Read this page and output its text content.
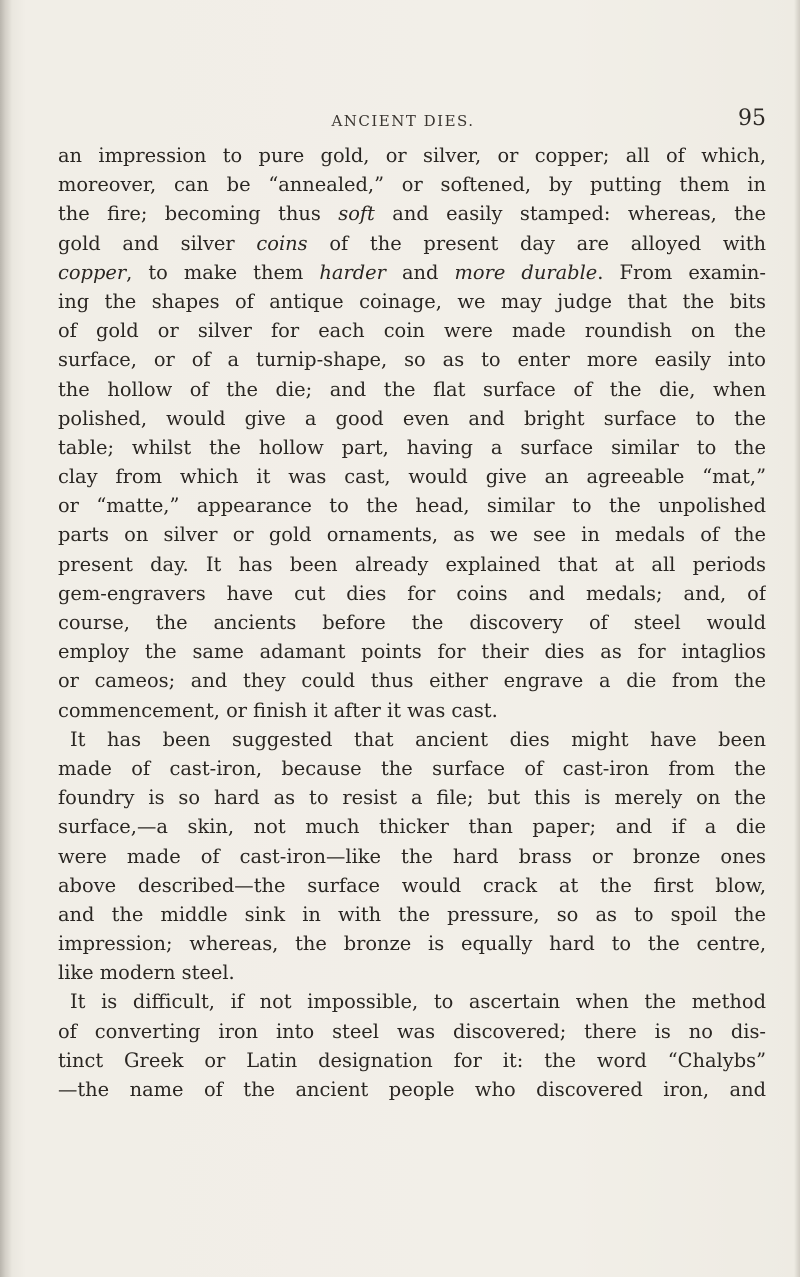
ANCIENT DIES.	95
an impression to pure gold, or silver, or copper; all of which,
moreover, can be “annealed,” or softened, by putting them in
the fire; becoming thus soft and easily stamped: whereas, the
gold and silver coins of the present day are alloyed with
copper, to make them harder and more durable. From examin-
ing the shapes of antique coinage, we may judge that the bits
of gold or silver for each coin were made roundish on the
surface, or of a turnip-shape, so as to enter more easily into
the hollow of the die; and the flat surface of the die, when
polished, would give a good even and bright surface to the
table; whilst the hollow part, having a surface similar to the
clay from which it was cast, would give an agreeable “mat,”
or “matte,” appearance to the head, similar to the unpolished
parts on silver or gold ornaments, as we see in medals of the
present day. It has been already explained that at all periods
gem-engravers have cut dies for coins and medals; and, of
course, the ancients before the discovery of steel would
employ the same adamant points for their dies as for intaglios
or cameos; and they could thus either engrave a die from the
commencement, or finish it after it was cast.
It has been suggested that ancient dies might have been
made of cast-iron, because the surface of cast-iron from the
foundry is so hard as to resist a file; but this is merely on the
surface,—a skin, not much thicker than paper; and if a die
were made of cast-iron—like the hard brass or bronze ones
above described—the surface would crack at the first blow,
and the middle sink in with the pressure, so as to spoil the
impression; whereas, the bronze is equally hard to the centre,
like modern steel.
It is difficult, if not impossible, to ascertain when the method
of converting iron into steel was discovered; there is no dis-
tinct Greek or Latin designation for it: the word “Chalybs”
—the name of the ancient people who discovered iron, and
